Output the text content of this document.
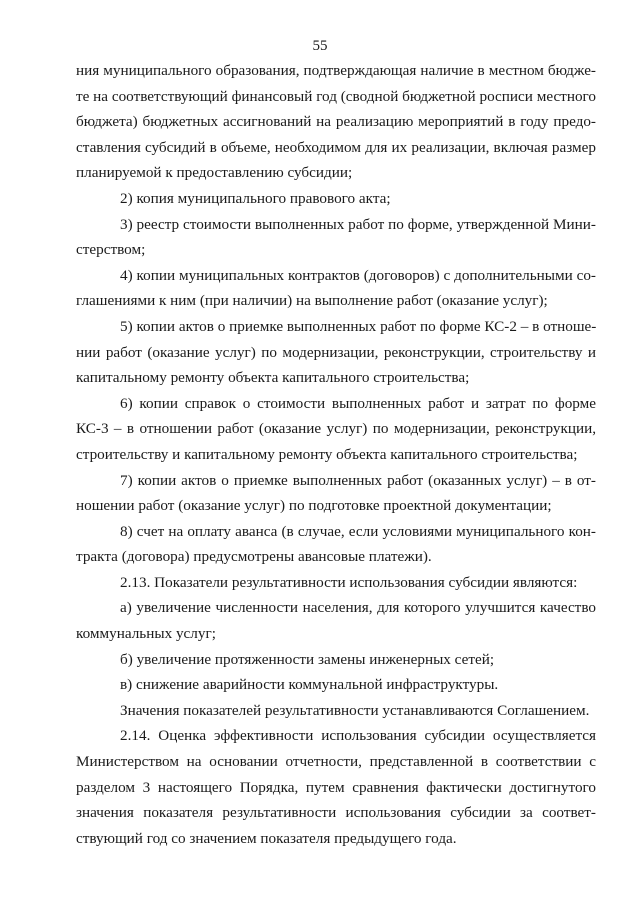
55
ния муниципального образования, подтверждающая наличие в местном бюдже-
те на соответствующий финансовый год (сводной бюджетной росписи местного
бюджета) бюджетных ассигнований на реализацию мероприятий в году предо-
ставления субсидий в объеме, необходимом для их реализации, включая размер
планируемой к предоставлению субсидии;
2) копия муниципального правового акта;
3) реестр стоимости выполненных работ по форме, утвержденной Мини-
стерством;
4) копии муниципальных контрактов (договоров) с дополнительными со-
глашениями к ним (при наличии) на выполнение работ (оказание услуг);
5) копии актов о приемке выполненных работ по форме КС-2 – в отноше-
нии работ (оказание услуг) по модернизации, реконструкции, строительству и
капитальному ремонту объекта капитального строительства;
6) копии справок о стоимости выполненных работ и затрат по форме
КС-3 – в отношении работ (оказание услуг) по модернизации, реконструкции,
строительству и капитальному ремонту объекта капитального строительства;
7) копии актов о приемке выполненных работ (оказанных услуг) – в от-
ношении работ (оказание услуг) по подготовке проектной документации;
8) счет на оплату аванса (в случае, если условиями муниципального кон-
тракта (договора) предусмотрены авансовые платежи).
2.13. Показатели результативности использования субсидии являются:
а) увеличение численности населения, для которого улучшится качество
коммунальных услуг;
б) увеличение протяженности замены инженерных сетей;
в) снижение аварийности коммунальной инфраструктуры.
Значения показателей результативности устанавливаются Соглашением.
2.14. Оценка эффективности использования субсидии осуществляется
Министерством на основании отчетности, представленной в соответствии с
разделом 3 настоящего Порядка, путем сравнения фактически достигнутого
значения показателя результативности использования субсидии за соответ-
ствующий год со значением показателя предыдущего года.
